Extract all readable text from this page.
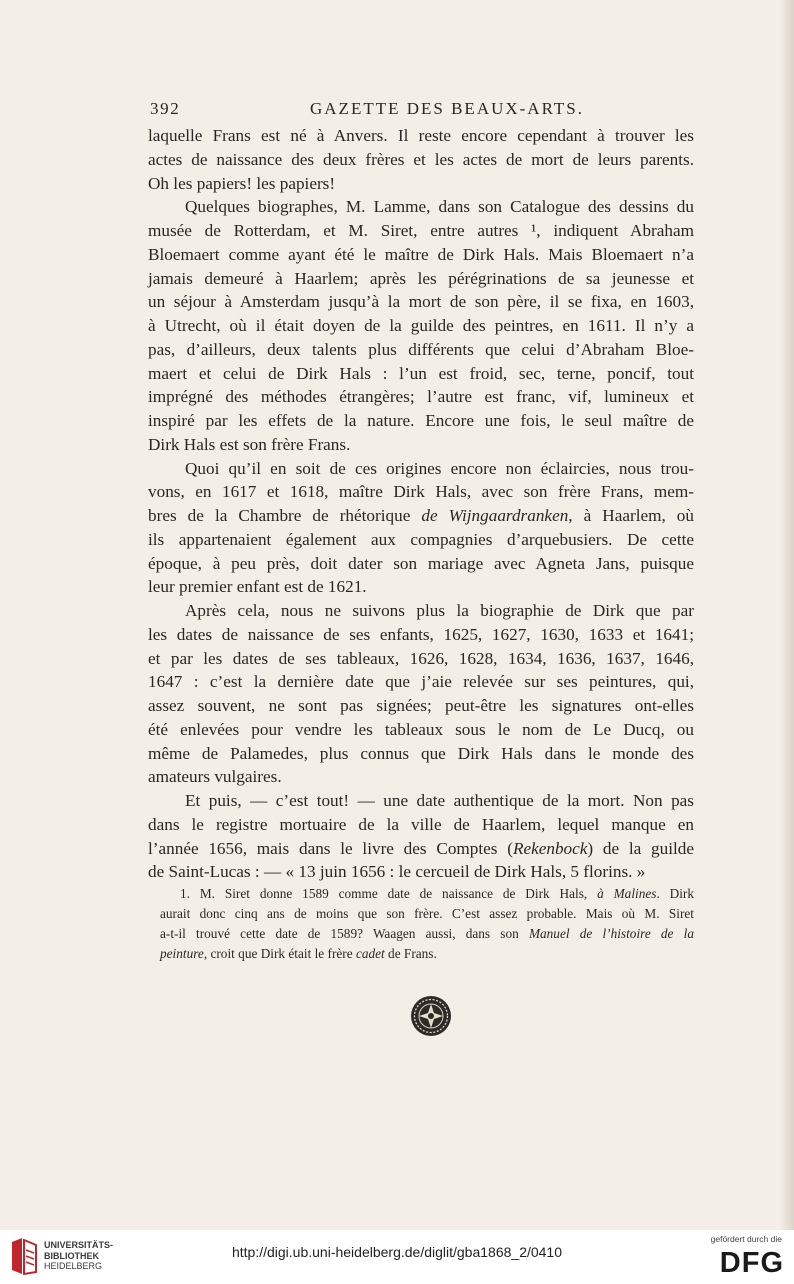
392	GAZETTE DES BEAUX-ARTS.
laquelle Frans est né à Anvers. Il reste encore cependant à trouver les
actes de naissance des deux frères et les actes de mort de leurs parents.
Oh les papiers! les papiers!
Quelques biographes, M. Lamme, dans son Catalogue des dessins du
musée de Rotterdam, et M. Siret, entre autres ¹, indiquent Abraham
Bloemaert comme ayant été le maître de Dirk Hals. Mais Bloemaert n’a
jamais demeuré à Haarlem; après les pérégrinations de sa jeunesse et
un séjour à Amsterdam jusqu’à la mort de son père, il se fixa, en 1603,
à Utrecht, où il était doyen de la guilde des peintres, en 1611. Il n’y a
pas, d’ailleurs, deux talents plus différents que celui d’Abraham Bloe-
maert et celui de Dirk Hals : l’un est froid, sec, terne, poncif, tout
imprégné des méthodes étrangères; l’autre est franc, vif, lumineux et
inspiré par les effets de la nature. Encore une fois, le seul maître de
Dirk Hals est son frère Frans.
Quoi qu’il en soit de ces origines encore non éclaircies, nous trou-
vons, en 1617 et 1618, maître Dirk Hals, avec son frère Frans, mem-
bres de la Chambre de rhétorique de Wijngaardranken, à Haarlem, où
ils appartenaient également aux compagnies d’arquebusiers. De cette
époque, à peu près, doit dater son mariage avec Agneta Jans, puisque
leur premier enfant est de 1621.
Après cela, nous ne suivons plus la biographie de Dirk que par
les dates de naissance de ses enfants, 1625, 1627, 1630, 1633 et 1641;
et par les dates de ses tableaux, 1626, 1628, 1634, 1636, 1637, 1646,
1647 : c’est la dernière date que j’aie relevée sur ses peintures, qui,
assez souvent, ne sont pas signées; peut-être les signatures ont-elles
été enlevées pour vendre les tableaux sous le nom de Le Ducq, ou
même de Palamedes, plus connus que Dirk Hals dans le monde des
amateurs vulgaires.
Et puis, — c’est tout! — une date authentique de la mort. Non pas
dans le registre mortuaire de la ville de Haarlem, lequel manque en
l’année 1656, mais dans le livre des Comptes (Rekenbock) de la guilde
de Saint-Lucas : — « 13 juin 1656 : le cercueil de Dirk Hals, 5 florins. »
1. M. Siret donne 1589 comme date de naissance de Dirk Hals, à Malines. Dirk
aurait donc cinq ans de moins que son frère. C’est assez probable. Mais où M. Siret
a-t-il trouvé cette date de 1589? Waagen aussi, dans son Manuel de l’histoire de la
peinture, croit que Dirk était le frère cadet de Frans.
UNIVERSITÄTS-
BIBLIOTHEK
HEIDELBERG
http://digi.ub.uni-heidelberg.de/diglit/gba1868_2/0410
gefördert durch die
DFG
